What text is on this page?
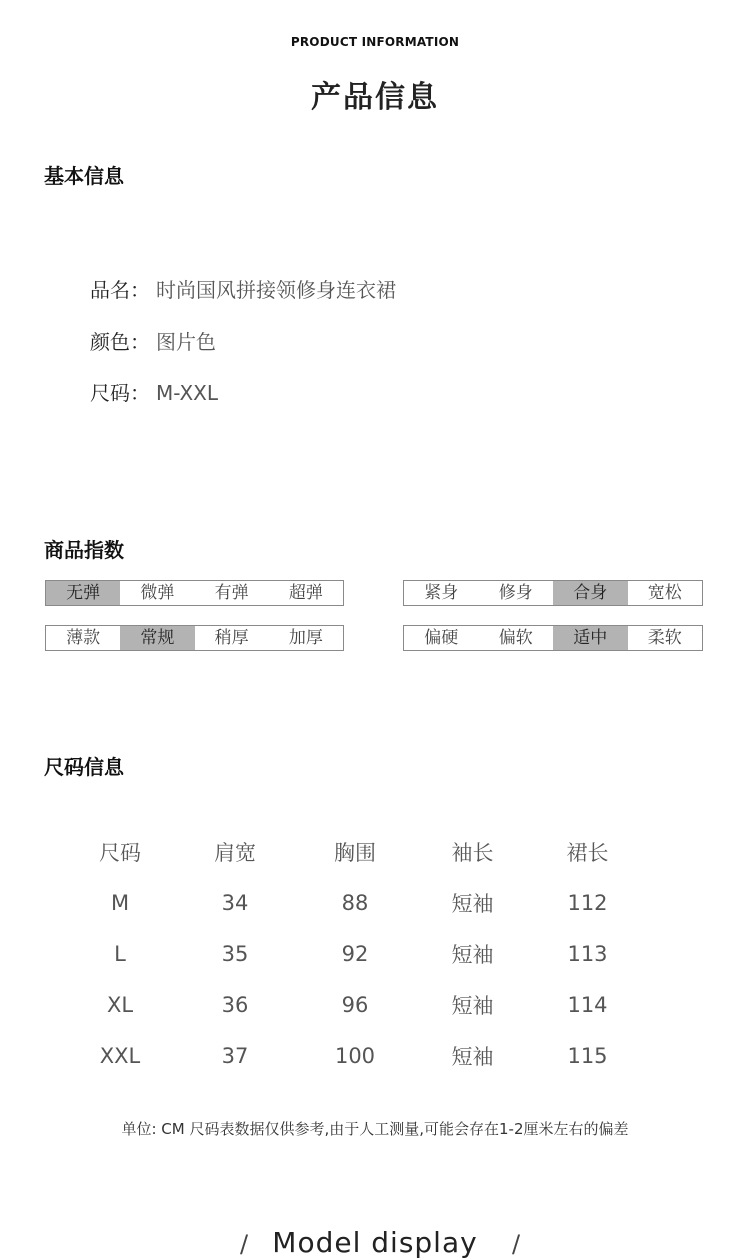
PRODUCT INFORMATION
产品信息
基本信息
品名： 时尚国风拼接领修身连衣裙
颜色： 图片色
尺码： M-XXL
商品指数
无弹	微弹	有弹	超弹	紧身	修身	合身	宽松
薄款	常规	稍厚	加厚	偏硬	偏软	适中	柔软
尺码信息
尺码	肩宽	胸围	袖长	裙长
M	34	88	短袖	112
L	35	92	短袖	113
XL	36	96	短袖	114
XXL	37	100	短袖	115
单位: CM 尺码表数据仅供参考,由于人工测量,可能会存在1-2厘米左右的偏差
/ Model display	/
